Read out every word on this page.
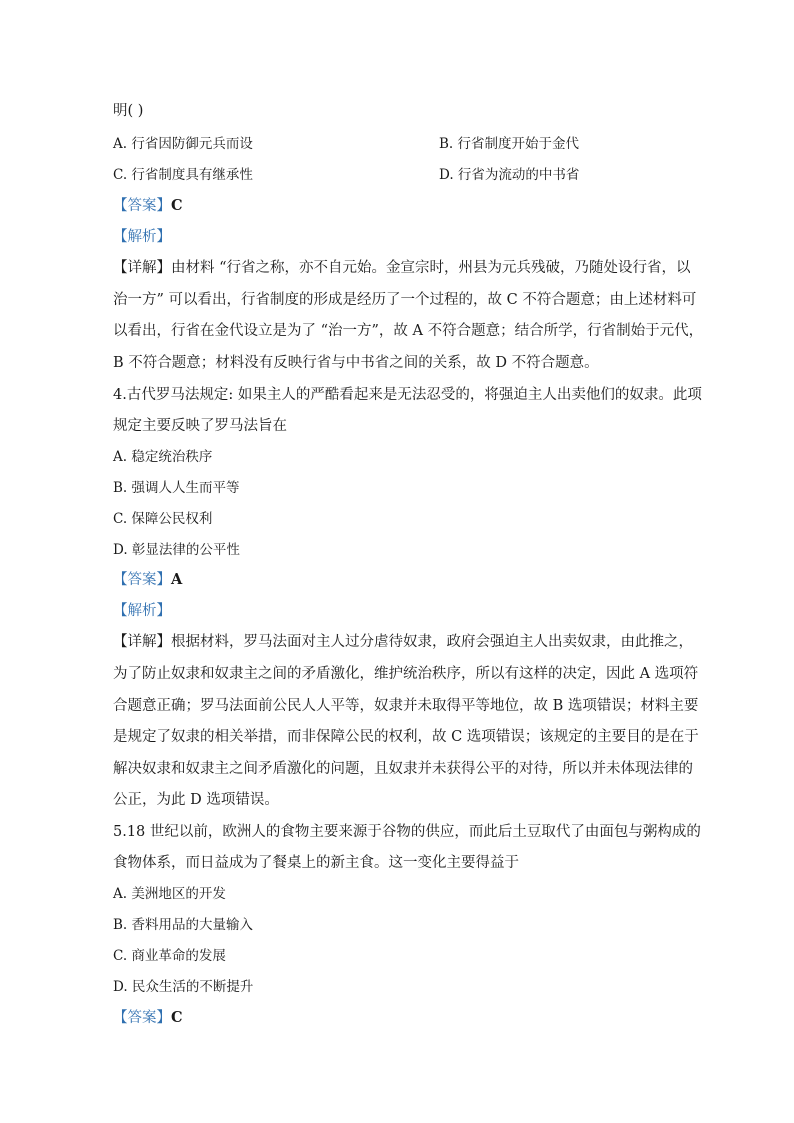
明( )
A. 行省因防御元兵而设	B. 行省制度开始于金代
C. 行省制度具有继承性	D. 行省为流动的中书省
【答案】C
【解析】
【详解】由材料 “行省之称，亦不自元始。金宣宗时，州县为元兵残破，乃随处设行省，以
治一方” 可以看出，行省制度的形成是经历了一个过程的，故 C 不符合题意；由上述材料可
以看出，行省在金代设立是为了 “治一方”，故 A 不符合题意；结合所学，行省制始于元代，
B 不符合题意；材料没有反映行省与中书省之间的关系，故 D 不符合题意。
4.古代罗马法规定: 如果主人的严酷看起来是无法忍受的，将强迫主人出卖他们的奴隶。此项
规定主要反映了罗马法旨在
A. 稳定统治秩序
B. 强调人人生而平等
C. 保障公民权利
D. 彰显法律的公平性
【答案】A
【解析】
【详解】根据材料，罗马法面对主人过分虐待奴隶，政府会强迫主人出卖奴隶，由此推之，
为了防止奴隶和奴隶主之间的矛盾激化，维护统治秩序，所以有这样的决定，因此 A 选项符
合题意正确；罗马法面前公民人人平等，奴隶并未取得平等地位，故 B 选项错误；材料主要
是规定了奴隶的相关举措，而非保障公民的权利，故 C 选项错误；该规定的主要目的是在于
解决奴隶和奴隶主之间矛盾激化的问题，且奴隶并未获得公平的对待，所以并未体现法律的
公正，为此 D 选项错误。
5.18 世纪以前，欧洲人的食物主要来源于谷物的供应，而此后土豆取代了由面包与粥构成的
食物体系，而日益成为了餐桌上的新主食。这一变化主要得益于
A. 美洲地区的开发
B. 香料用品的大量输入
C. 商业革命的发展
D. 民众生活的不断提升
【答案】C
